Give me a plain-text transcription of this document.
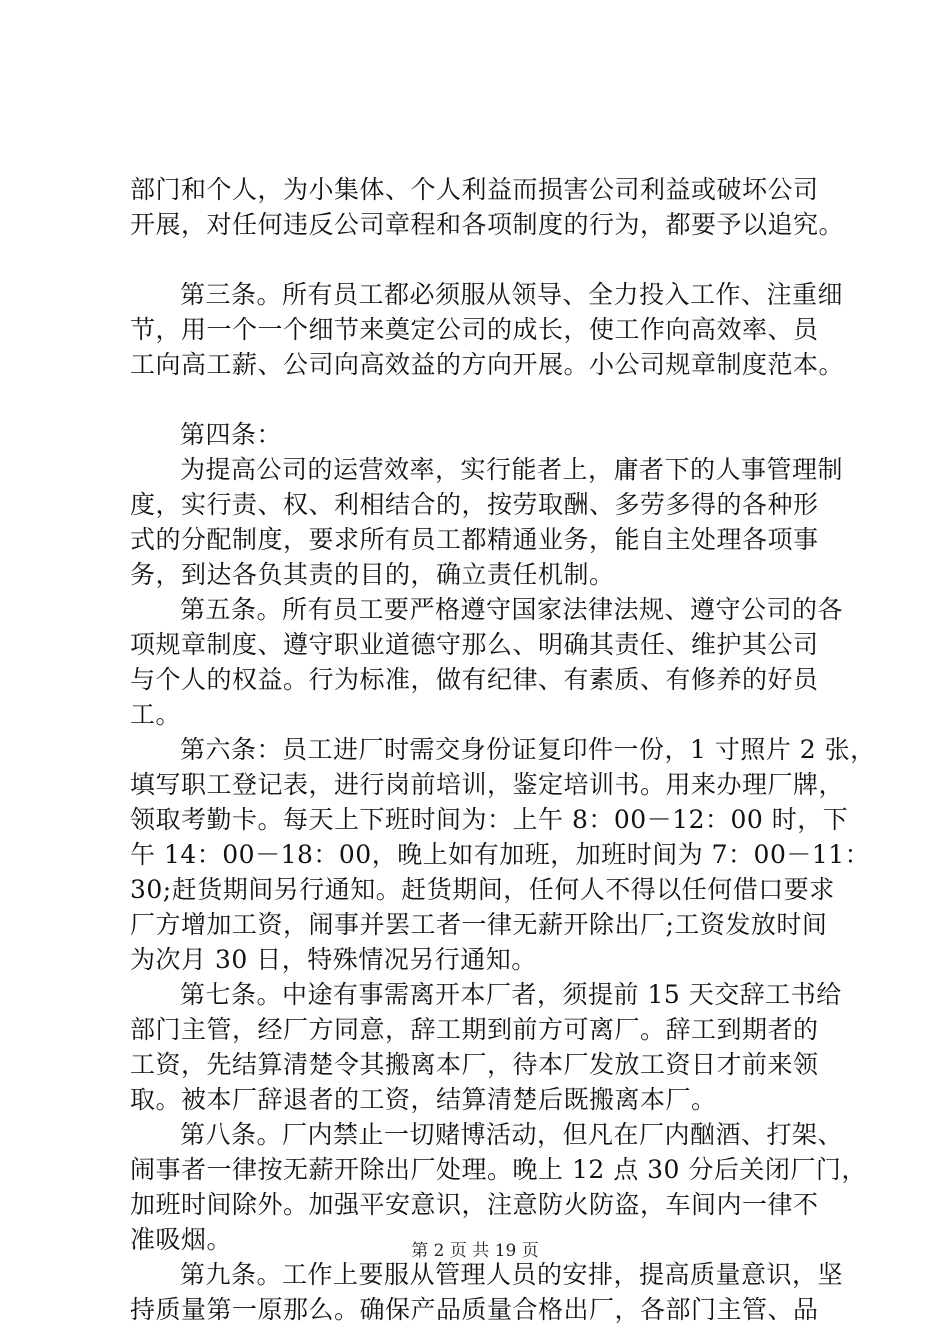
部门和个人，为小集体、个人利益而损害公司利益或破坏公司
开展，对任何违反公司章程和各项制度的行为，都要予以追究。
第三条。所有员工都必须服从领导、全力投入工作、注重细
节，用一个一个细节来奠定公司的成长，使工作向高效率、员
工向高工薪、公司向高效益的方向开展。小公司规章制度范本。
第四条：
为提高公司的运营效率，实行能者上，庸者下的人事管理制
度，实行责、权、利相结合的，按劳取酬、多劳多得的各种形
式的分配制度，要求所有员工都精通业务，能自主处理各项事
务，到达各负其责的目的，确立责任机制。
第五条。所有员工要严格遵守国家法律法规、遵守公司的各
项规章制度、遵守职业道德守那么、明确其责任、维护其公司
与个人的权益。行为标准，做有纪律、有素质、有修养的好员
工。
第六条：员工进厂时需交身份证复印件一份，1 寸照片 2 张，
填写职工登记表，进行岗前培训，鉴定培训书。用来办理厂牌，
领取考勤卡。每天上下班时间为：上午 8：00－12：00 时，下
午 14：00－18：00，晚上如有加班，加班时间为 7：00－11：
30;赶货期间另行通知。赶货期间，任何人不得以任何借口要求
厂方增加工资，闹事并罢工者一律无薪开除出厂;工资发放时间
为次月 30 日，特殊情况另行通知。
第七条。中途有事需离开本厂者，须提前 15 天交辞工书给
部门主管，经厂方同意，辞工期到前方可离厂。辞工到期者的
工资，先结算清楚令其搬离本厂，待本厂发放工资日才前来领
取。被本厂辞退者的工资，结算清楚后既搬离本厂。
第八条。厂内禁止一切赌博活动，但凡在厂内酗酒、打架、
闹事者一律按无薪开除出厂处理。晚上 12 点 30 分后关闭厂门，
加班时间除外。加强平安意识，注意防火防盗，车间内一律不
准吸烟。
第九条。工作上要服从管理人员的安排，提高质量意识，坚
持质量第一原那么。确保产品质量合格出厂，各部门主管、品
第 2 页 共 19 页
